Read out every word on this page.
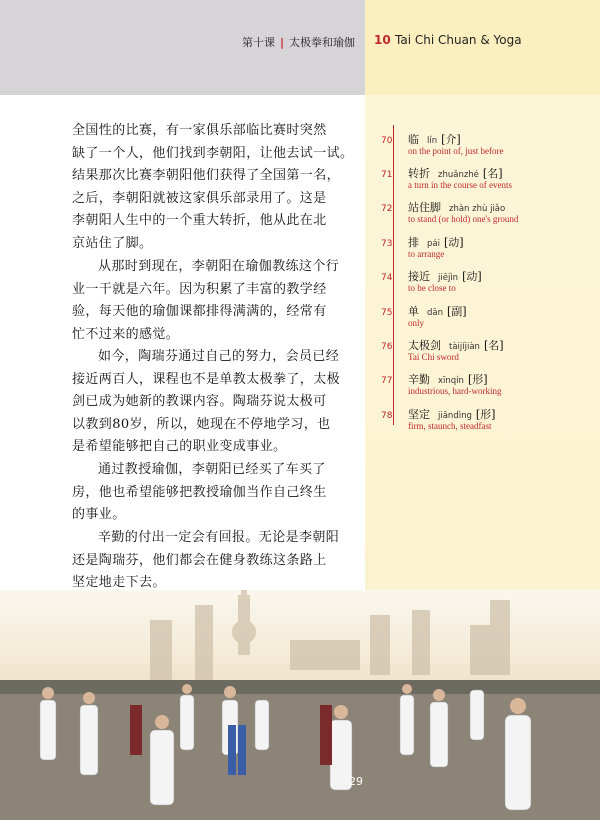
第十课 | 太极拳和瑜伽 10 Tai Chi Chuan & Yoga
70 临 lín [介]
on the point of, just before
71 转折 zhuǎnzhé [名]
a turn in the course of events
72 站住脚 zhàn zhù jiǎo
to stand (or hold) one's ground
73 排 pái [动]
to arrange
74 接近 jiējìn [动]
to be close to
75 单 dān [副]
only
76 太极剑 tàijíjiàn [名]
Tai Chi sword
77 辛勤 xīnqín [形]
industrious, hard-working
78 坚定 jiāndìng [形]
firm, staunch, steadfast
全国性的比赛，有一家俱乐部临比赛时突然
缺了一个人，他们找到李朝阳，让他去试一试。
结果那次比赛李朝阳他们获得了全国第一名，
之后，李朝阳就被这家俱乐部录用了。这是
李朝阳人生中的一个重大转折，他从此在北
京站住了脚。
从那时到现在，李朝阳在瑜伽教练这个行
业一干就是六年。因为积累了丰富的教学经
验，每天他的瑜伽课都排得满满的，经常有
忙不过来的感觉。
如今，陶瑞芬通过自己的努力，会员已经
接近两百人，课程也不是单教太极拳了，太极
剑已成为她新的教课内容。陶瑞芬说太极可
以教到80岁，所以，她现在不停地学习，也
是希望能够把自己的职业变成事业。
通过教授瑜伽，李朝阳已经买了车买了
房，他也希望能够把教授瑜伽当作自己终生
的事业。
辛勤的付出一定会有回报。无论是李朝阳
还是陶瑞芬，他们都会在健身教练这条路上
坚定地走下去。
29
